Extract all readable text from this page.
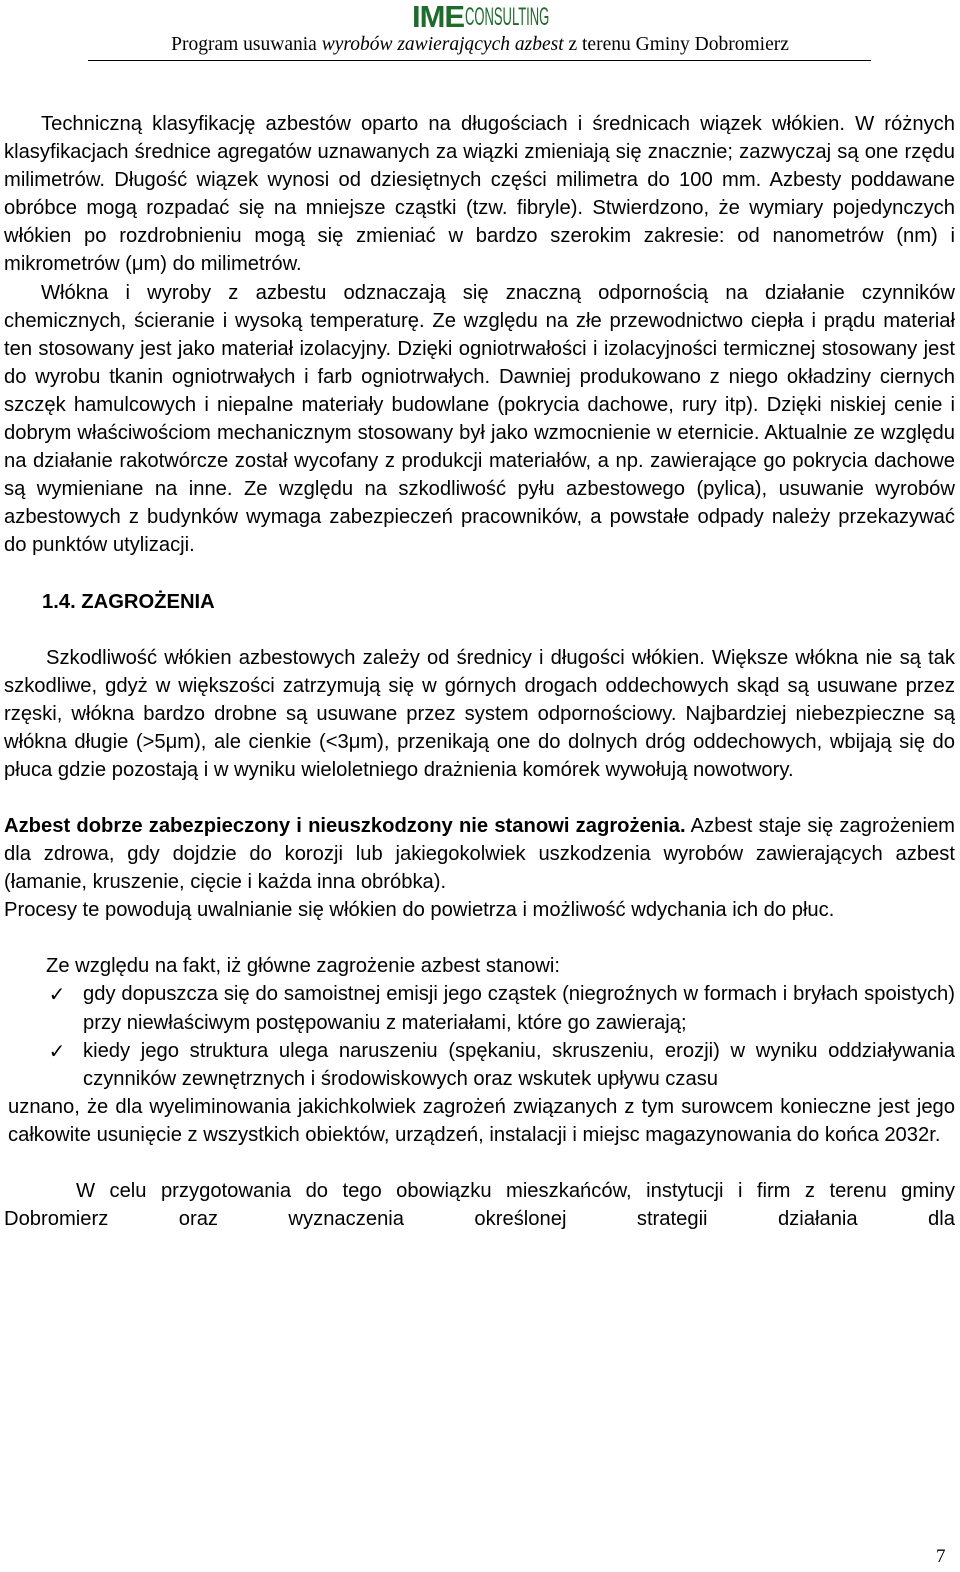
IME CONSULTING
Program usuwania wyrobów zawierających azbest z terenu Gminy Dobromierz

Techniczną klasyfikację azbestów oparto na długościach i średnicach wiązek włókien. W różnych klasyfikacjach średnice agregatów uznawanych za wiązki zmieniają się znacznie; zazwyczaj są one rzędu milimetrów. Długość wiązek wynosi od dziesiętnych części milimetra do 100 mm. Azbesty poddawane obróbce mogą rozpadać się na mniejsze cząstki (tzw. fibryle). Stwierdzono, że wymiary pojedynczych włókien po rozdrobnieniu mogą się zmieniać w bardzo szerokim zakresie: od nanometrów (nm) i mikrometrów (μm) do milimetrów.

Włókna i wyroby z azbestu odznaczają się znaczną odpornością na działanie czynników chemicznych, ścieranie i wysoką temperaturę. Ze względu na złe przewodnictwo ciepła i prądu materiał ten stosowany jest jako materiał izolacyjny. Dzięki ogniotrwałości i izolacyjności termicznej stosowany jest do wyrobu tkanin ogniotrwałych i farb ogniotrwałych. Dawniej produkowano z niego okładziny ciernych szczęk hamulcowych i niepalne materiały budowlane (pokrycia dachowe, rury itp). Dzięki niskiej cenie i dobrym właściwościom mechanicznym stosowany był jako wzmocnienie w eternicie. Aktualnie ze względu na działanie rakotwórcze został wycofany z produkcji materiałów, a np. zawierające go pokrycia dachowe są wymieniane na inne. Ze względu na szkodliwość pyłu azbestowego (pylica), usuwanie wyrobów azbestowych z budynków wymaga zabezpieczeń pracowników, a powstałe odpady należy przekazywać do punktów utylizacji.

1.4. ZAGROŻENIA

Szkodliwość włókien azbestowych zależy od średnicy i długości włókien. Większe włókna nie są tak szkodliwe, gdyż w większości zatrzymują się w górnych drogach oddechowych skąd są usuwane przez rzęski, włókna bardzo drobne są usuwane przez system odpornościowy. Najbardziej niebezpieczne są włókna długie (>5μm), ale cienkie (<3μm), przenikają one do dolnych dróg oddechowych, wbijają się do płuca gdzie pozostają i w wyniku wieloletniego drażnienia komórek wywołują nowotwory.

Azbest dobrze zabezpieczony i nieuszkodzony nie stanowi zagrożenia. Azbest staje się zagrożeniem dla zdrowa, gdy dojdzie do korozji lub jakiegokolwiek uszkodzenia wyrobów zawierających azbest (łamanie, kruszenie, cięcie i każda inna obróbka).

Procesy te powodują uwalnianie się włókien do powietrza i możliwość wdychania ich do płuc.

Ze względu na fakt, iż główne zagrożenie azbest stanowi:

✓ gdy dopuszcza się do samoistnej emisji jego cząstek (niegroźnych w formach i bryłach spoistych) przy niewłaściwym postępowaniu z materiałami, które go zawierają;
✓ kiedy jego struktura ulega naruszeniu (spękaniu, skruszeniu, erozji) w wyniku oddziaływania czynników zewnętrznych i środowiskowych oraz wskutek upływu czasu

uznano, że dla wyeliminowania jakichkolwiek zagrożeń związanych z tym surowcem konieczne jest jego całkowite usunięcie z wszystkich obiektów, urządzeń, instalacji i miejsc magazynowania do końca 2032r.

W celu przygotowania do tego obowiązku mieszkańców, instytucji i firm z terenu gminy Dobromierz oraz wyznaczenia określonej strategii działania dla

7
